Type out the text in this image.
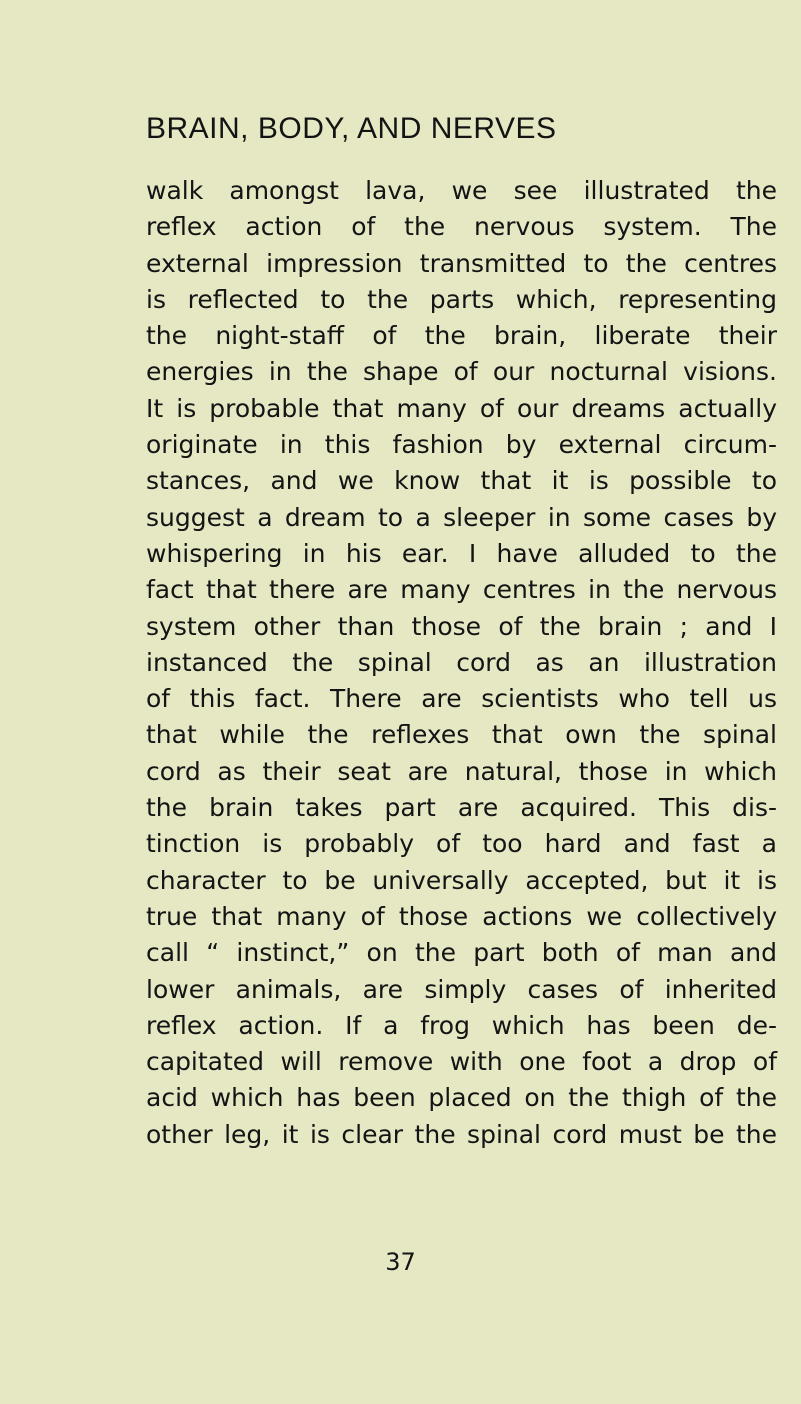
BRAIN, BODY, AND NERVES
walk amongst lava, we see illustrated the
reflex action of the nervous system. The
external impression transmitted to the centres
is reflected to the parts which, representing
the night-staff of the brain, liberate their
energies in the shape of our nocturnal visions.
It is probable that many of our dreams actually
originate in this fashion by external circum-
stances, and we know that it is possible to
suggest a dream to a sleeper in some cases by
whispering in his ear. I have alluded to the
fact that there are many centres in the nervous
system other than those of the brain ; and I
instanced the spinal cord as an illustration
of this fact. There are scientists who tell us
that while the reflexes that own the spinal
cord as their seat are natural, those in which
the brain takes part are acquired. This dis-
tinction is probably of too hard and fast a
character to be universally accepted, but it is
true that many of those actions we collectively
call “ instinct,” on the part both of man and
lower animals, are simply cases of inherited
reflex action. If a frog which has been de-
capitated will remove with one foot a drop of
acid which has been placed on the thigh of the
other leg, it is clear the spinal cord must be the
37
